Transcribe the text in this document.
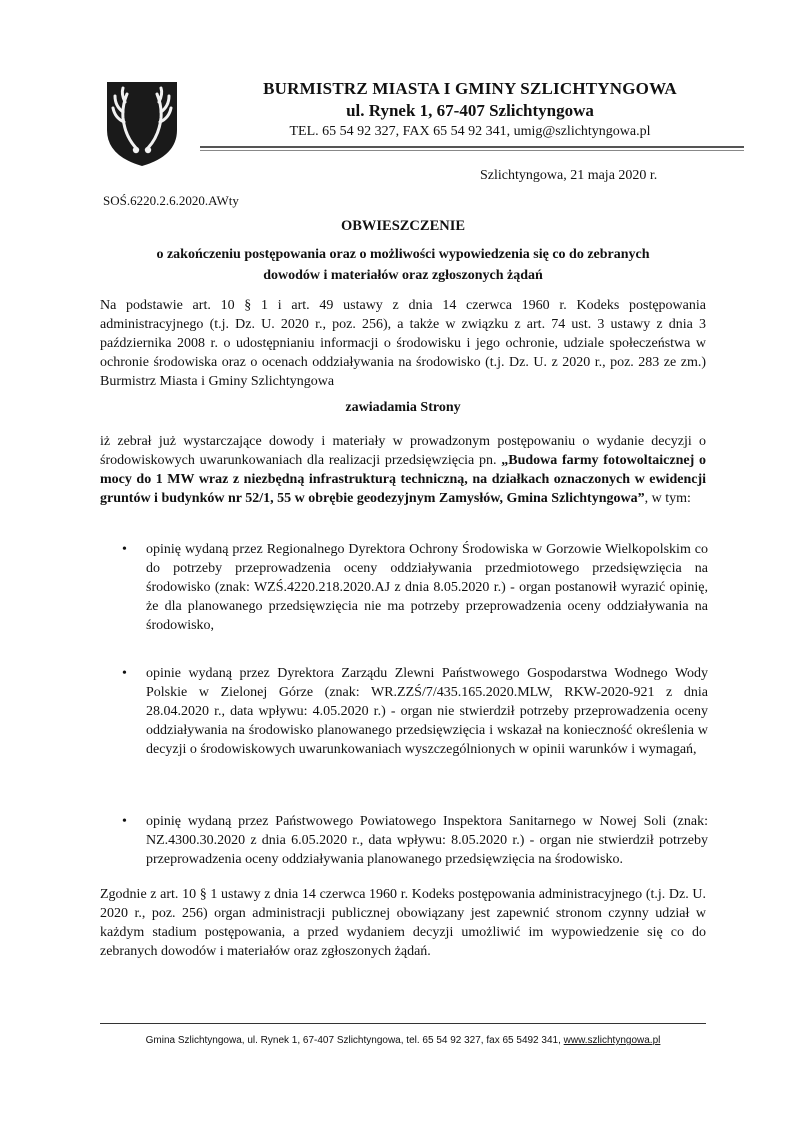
BURMISTRZ MIASTA I GMINY SZLICHTYNGOWA
ul. Rynek 1, 67-407 Szlichtyngowa
TEL. 65 54 92 327, FAX 65 54 92 341, umig@szlichtyngowa.pl
Szlichtyngowa, 21 maja 2020 r.
SOŚ.6220.2.6.2020.AWty
OBWIESZCZENIE
o zakończeniu postępowania oraz o możliwości wypowiedzenia się co do zebranych
dowodów i materiałów oraz zgłoszonych żądań

Na podstawie art. 10 § 1 i art. 49 ustawy z dnia 14 czerwca 1960 r. Kodeks postępowania administracyjnego (t.j. Dz. U. 2020 r., poz. 256), a także w związku z art. 74 ust. 3 ustawy z dnia 3 października 2008 r. o udostępnianiu informacji o środowisku i jego ochronie, udziale społeczeństwa w ochronie środowiska oraz o ocenach oddziaływania na środowisko (t.j. Dz. U. z 2020 r., poz. 283 ze zm.) Burmistrz Miasta i Gminy Szlichtyngowa

zawiadamia Strony

iż zebrał już wystarczające dowody i materiały w prowadzonym postępowaniu o wydanie decyzji o środowiskowych uwarunkowaniach dla realizacji przedsięwzięcia pn. „Budowa farmy fotowoltaicznej o mocy do 1 MW wraz z niezbędną infrastrukturą techniczną, na działkach oznaczonych w ewidencji gruntów i budynków nr 52/1, 55 w obrębie geodezyjnym Zamysłów, Gmina Szlichtyngowa”, w tym:

• opinię wydaną przez Regionalnego Dyrektora Ochrony Środowiska w Gorzowie Wielkopolskim co do potrzeby przeprowadzenia oceny oddziaływania przedmiotowego przedsięwzięcia na środowisko (znak: WZŚ.4220.218.2020.AJ z dnia 8.05.2020 r.) - organ postanowił wyrazić opinię, że dla planowanego przedsięwzięcia nie ma potrzeby przeprowadzenia oceny oddziaływania na środowisko,
• opinie wydaną przez Dyrektora Zarządu Zlewni Państwowego Gospodarstwa Wodnego Wody Polskie w Zielonej Górze (znak: WR.ZZŚ/7/435.165.2020.MLW, RKW-2020-921 z dnia 28.04.2020 r., data wpływu: 4.05.2020 r.) - organ nie stwierdził potrzeby przeprowadzenia oceny oddziaływania na środowisko planowanego przedsięwzięcia i wskazał na konieczność określenia w decyzji o środowiskowych uwarunkowaniach wyszczególnionych w opinii warunków i wymagań,
• opinię wydaną przez Państwowego Powiatowego Inspektora Sanitarnego w Nowej Soli (znak: NZ.4300.30.2020 z dnia 6.05.2020 r., data wpływu: 8.05.2020 r.) - organ nie stwierdził potrzeby przeprowadzenia oceny oddziaływania planowanego przedsięwzięcia na środowisko.

Zgodnie z art. 10 § 1 ustawy z dnia 14 czerwca 1960 r. Kodeks postępowania administracyjnego (t.j. Dz. U. 2020 r., poz. 256) organ administracji publicznej obowiązany jest zapewnić stronom czynny udział w każdym stadium postępowania, a przed wydaniem decyzji umożliwić im wypowiedzenie się co do zebranych dowodów i materiałów oraz zgłoszonych żądań.

Gmina Szlichtyngowa, ul. Rynek 1, 67-407 Szlichtyngowa, tel. 65 54 92 327, fax 65 5492 341, www.szlichtyngowa.pl
